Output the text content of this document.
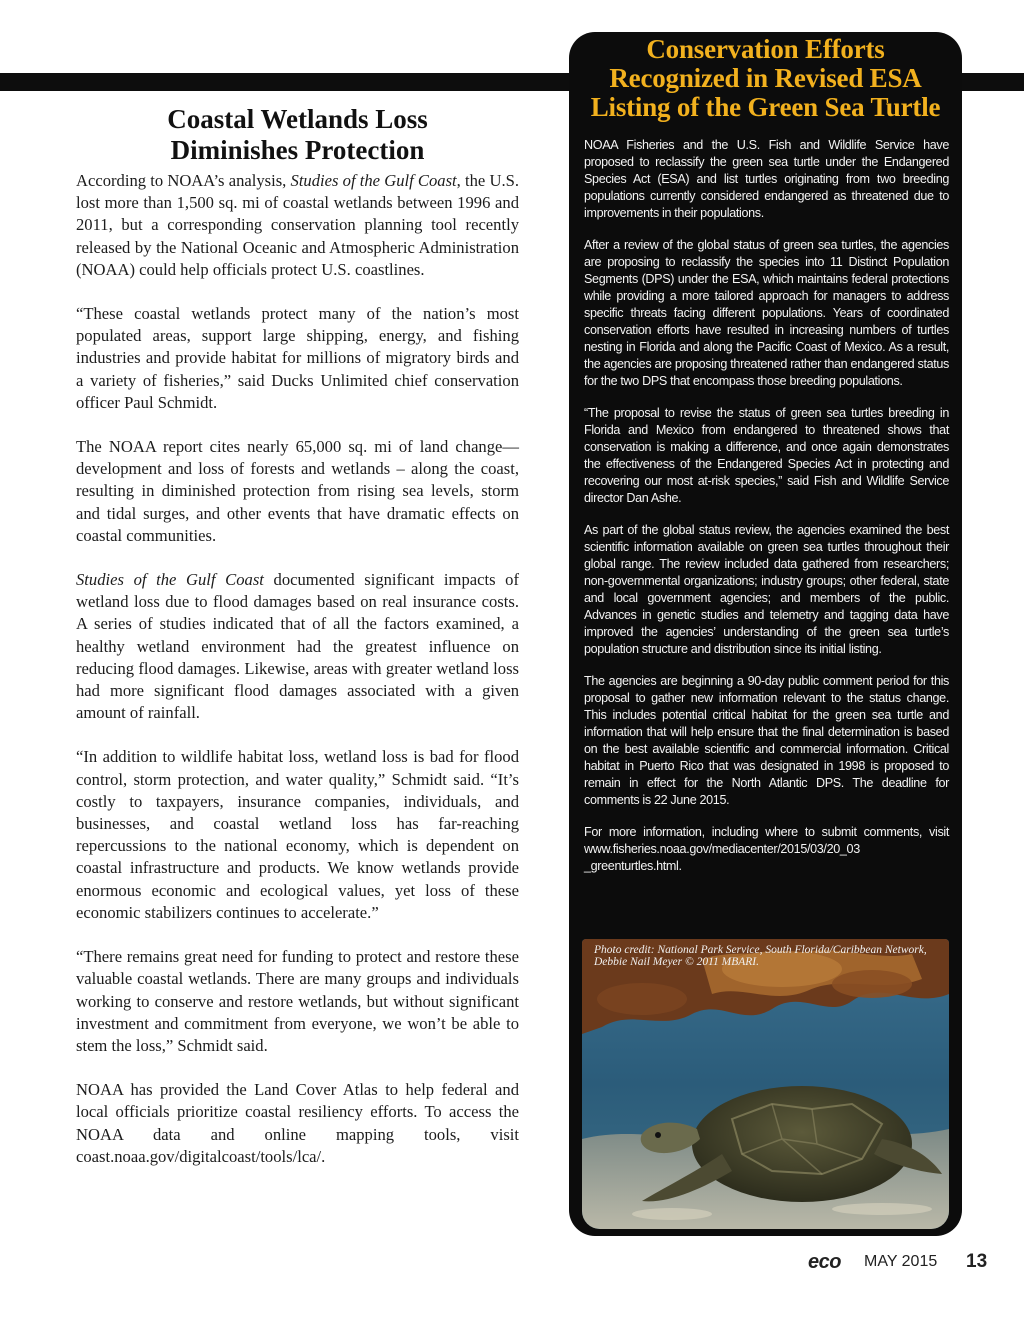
Coastal Wetlands Loss
Diminishes Protection

According to NOAA’s analysis, Studies of the Gulf Coast, the U.S. lost more than 1,500 sq. mi of coastal wetlands between 1996 and 2011, but a corresponding conservation planning tool recently released by the National Oceanic and Atmospheric Administration (NOAA) could help officials protect U.S. coastlines.

“These coastal wetlands protect many of the nation’s most populated areas, support large shipping, energy, and fishing industries and provide habitat for millions of migratory birds and a variety of fisheries,” said Ducks Unlimited chief conservation officer Paul Schmidt.

The NOAA report cites nearly 65,000 sq. mi of land change—development and loss of forests and wetlands – along the coast, resulting in diminished protection from rising sea levels, storm and tidal surges, and other events that have dramatic effects on coastal communities.

Studies of the Gulf Coast documented significant impacts of wetland loss due to flood damages based on real insurance costs. A series of studies indicated that of all the factors examined, a healthy wetland environment had the greatest influence on reducing flood damages. Likewise, areas with greater wetland loss had more significant flood damages associated with a given amount of rainfall.

“In addition to wildlife habitat loss, wetland loss is bad for flood control, storm protection, and water quality,” Schmidt said. “It’s costly to taxpayers, insurance companies, individuals, and businesses, and coastal wetland loss has far-reaching repercussions to the national economy, which is dependent on coastal infrastructure and products. We know wetlands provide enormous economic and ecological values, yet loss of these economic stabilizers continues to accelerate.”

“There remains great need for funding to protect and restore these valuable coastal wetlands. There are many groups and individuals working to conserve and restore wetlands, but without significant investment and commitment from everyone, we won’t be able to stem the loss,” Schmidt said.

NOAA has provided the Land Cover Atlas to help federal and local officials prioritize coastal resiliency efforts. To access the NOAA data and online mapping tools, visit coast.noaa.gov/digitalcoast/tools/lca/.

Conservation Efforts
Recognized in Revised ESA
Listing of the Green Sea Turtle

NOAA Fisheries and the U.S. Fish and Wildlife Service have proposed to reclassify the green sea turtle under the Endangered Species Act (ESA) and list turtles originating from two breeding populations currently considered endangered as threatened due to improvements in their populations.

After a review of the global status of green sea turtles, the agencies are proposing to reclassify the species into 11 Distinct Population Segments (DPS) under the ESA, which maintains federal protections while providing a more tailored approach for managers to address specific threats facing different populations. Years of coordinated conservation efforts have resulted in increasing numbers of turtles nesting in Florida and along the Pacific Coast of Mexico. As a result, the agencies are proposing threatened rather than endangered status for the two DPS that encompass those breeding populations.

“The proposal to revise the status of green sea turtles breeding in Florida and Mexico from endangered to threatened shows that conservation is making a difference, and once again demonstrates the effectiveness of the Endangered Species Act in protecting and recovering our most at-risk species,” said Fish and Wildlife Service director Dan Ashe.

As part of the global status review, the agencies examined the best scientific information available on green sea turtles throughout their global range. The review included data gathered from researchers; non-governmental organizations; industry groups; other federal, state and local government agencies; and members of the public. Advances in genetic studies and telemetry and tagging data have improved the agencies’ understanding of the green sea turtle’s population structure and distribution since its initial listing.

The agencies are beginning a 90-day public comment period for this proposal to gather new information relevant to the status change. This includes potential critical habitat for the green sea turtle and information that will help ensure that the final determination is based on the best available scientific and commercial information. Critical habitat in Puerto Rico that was designated in 1998 is proposed to remain in effect for the North Atlantic DPS. The deadline for comments is 22 June 2015.

For more information, including where to submit comments, visit www.fisheries.noaa.gov/mediacenter/2015/03/20_03 _greenturtles.html.

Photo credit: National Park Service, South Florida/Caribbean Network, Debbie Nail Meyer © 2011 MBARI.
eco MAY 2015 13
